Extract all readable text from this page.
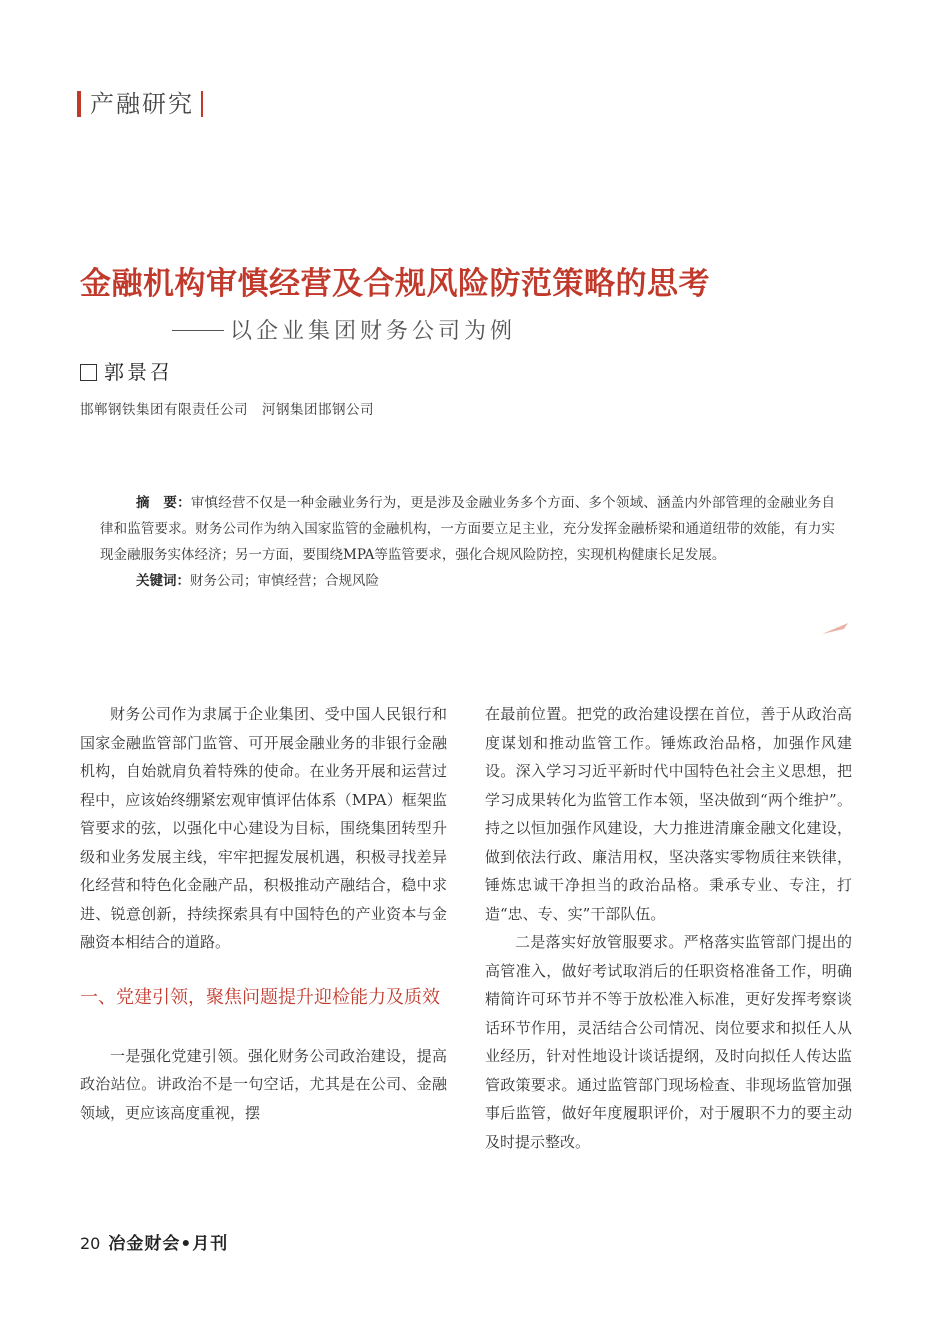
产融研究
金融机构审慎经营及合规风险防范策略的思考
以企业集团财务公司为例
郭景召
邯郸钢铁集团有限责任公司 河钢集团邯钢公司

摘　要：审慎经营不仅是一种金融业务行为，更是涉及金融业务多个方面、多个领域、涵盖内外部管理的金融业务自律和监管要求。财务公司作为纳入国家监管的金融机构，一方面要立足主业，充分发挥金融桥梁和通道纽带的效能，有力实现金融服务实体经济；另一方面，要围绕MPA等监管要求，强化合规风险防控，实现机构健康长足发展。

关键词：财务公司；审慎经营；合规风险

财务公司作为隶属于企业集团、受中国人民银行和国家金融监管部门监管、可开展金融业务的非银行金融机构，自始就肩负着特殊的使命。在业务开展和运营过程中，应该始终绷紧宏观审慎评估体系（MPA）框架监管要求的弦，以强化中心建设为目标，围绕集团转型升级和业务发展主线，牢牢把握发展机遇，积极寻找差异化经营和特色化金融产品，积极推动产融结合，稳中求进、锐意创新，持续探索具有中国特色的产业资本与金融资本相结合的道路。

一、党建引领，聚焦问题提升迎检能力及质效

一是强化党建引领。强化财务公司政治建设，提高政治站位。讲政治不是一句空话，尤其是在公司、金融领域，更应该高度重视，摆

在最前位置。把党的政治建设摆在首位，善于从政治高度谋划和推动监管工作。锤炼政治品格，加强作风建设。深入学习习近平新时代中国特色社会主义思想，把学习成果转化为监管工作本领，坚决做到“两个维护”。持之以恒加强作风建设，大力推进清廉金融文化建设，做到依法行政、廉洁用权，坚决落实零物质往来铁律，锤炼忠诚干净担当的政治品格。秉承专业、专注，打造“忠、专、实”干部队伍。

二是落实好放管服要求。严格落实监管部门提出的高管准入，做好考试取消后的任职资格准备工作，明确精简许可环节并不等于放松准入标准，更好发挥考察谈话环节作用，灵活结合公司情况、岗位要求和拟任人从业经历，针对性地设计谈话提纲，及时向拟任人传达监管政策要求。通过监管部门现场检查、非现场监管加强事后监管，做好年度履职评价，对于履职不力的要主动及时提示整改。

20 冶金财会•月刊
